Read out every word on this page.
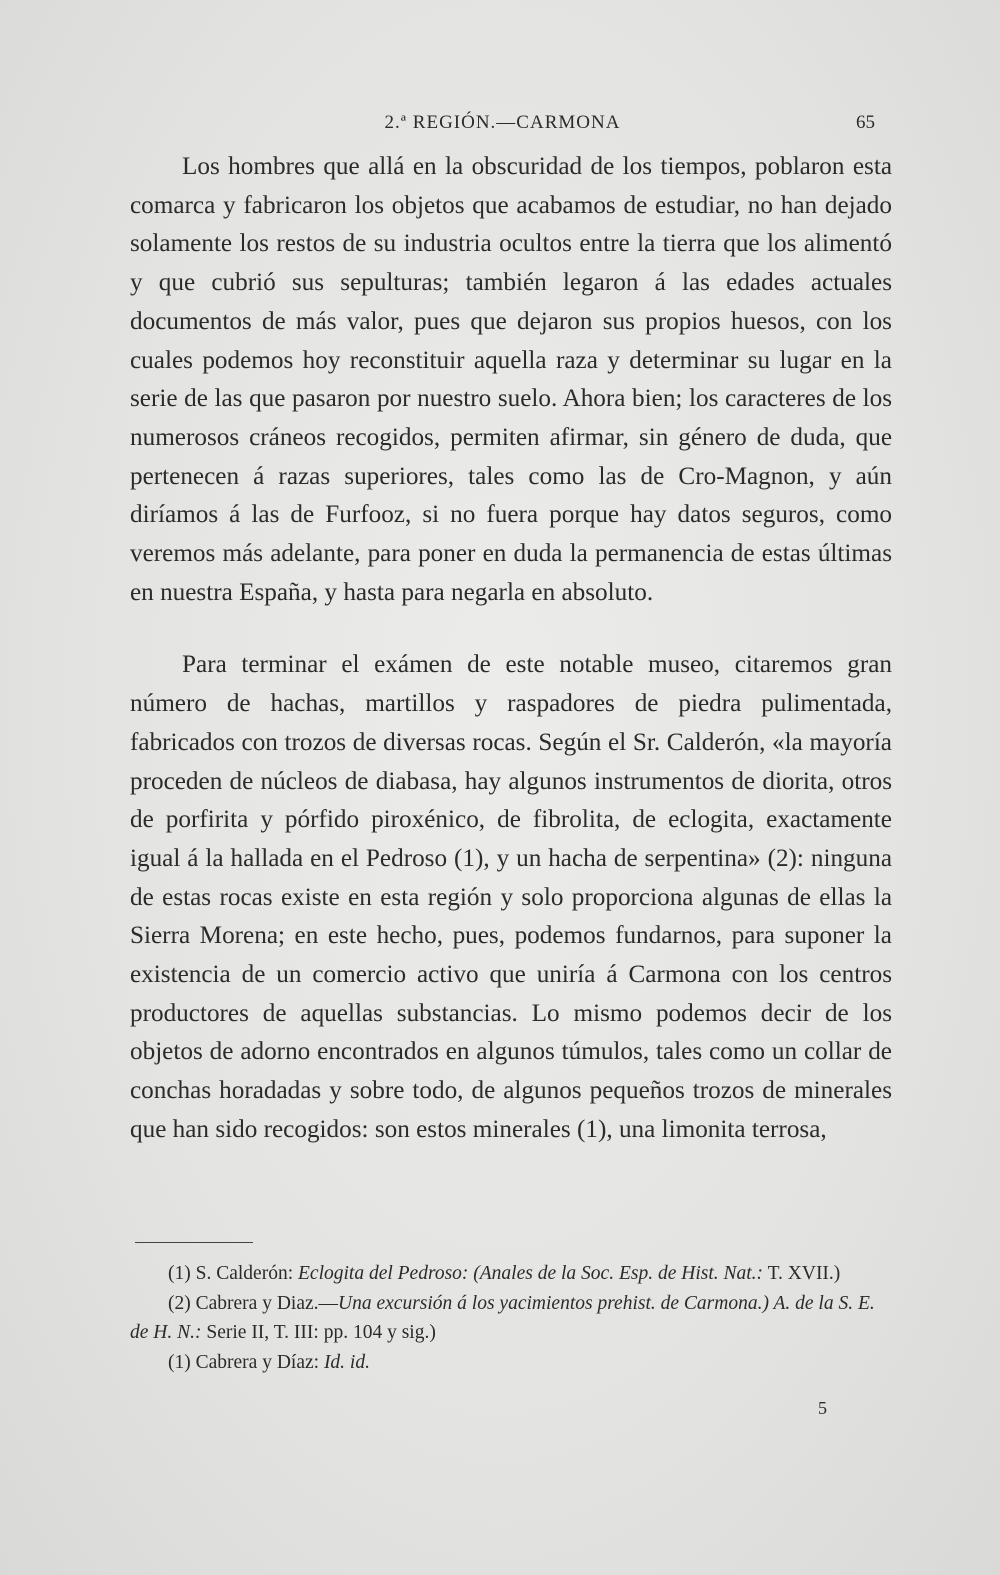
2.ª REGIÓN.—CARMONA	65

Los hombres que allá en la obscuridad de los tiempos, poblaron esta comarca y fabricaron los objetos que acabamos de estudiar, no han dejado solamente los restos de su industria ocultos entre la tierra que los alimentó y que cubrió sus sepulturas; también legaron á las edades actuales documentos de más valor, pues que dejaron sus propios huesos, con los cuales podemos hoy reconstituir aquella raza y determinar su lugar en la serie de las que pasaron por nuestro suelo. Ahora bien; los caracteres de los numerosos cráneos recogidos, permiten afirmar, sin género de duda, que pertenecen á razas superiores, tales como las de Cro-Magnon, y aún diríamos á las de Furfooz, si no fuera porque hay datos seguros, como veremos más adelante, para poner en duda la permanencia de estas últimas en nuestra España, y hasta para negarla en absoluto.

Para terminar el exámen de este notable museo, citaremos gran número de hachas, martillos y raspadores de piedra pulimentada, fabricados con trozos de diversas rocas. Según el Sr. Calderón, «la mayoría proceden de núcleos de diabasa, hay algunos instrumentos de diorita, otros de porfirita y pórfido piroxénico, de fibrolita, de eclogita, exactamente igual á la hallada en el Pedroso (1), y un hacha de serpentina» (2): ninguna de estas rocas existe en esta región y solo proporciona algunas de ellas la Sierra Morena; en este hecho, pues, podemos fundarnos, para suponer la existencia de un comercio activo que uniría á Carmona con los centros productores de aquellas substancias. Lo mismo podemos decir de los objetos de adorno encontrados en algunos túmulos, tales como un collar de conchas horadadas y sobre todo, de algunos pequeños trozos de minerales que han sido recogidos: son estos minerales (1), una limonita terrosa,

(1) S. Calderón: Eclogita del Pedroso: (Anales de la Soc. Esp. de Hist. Nat.: T. XVII.)

(2) Cabrera y Diaz.—Una excursión á los yacimientos prehist. de Carmona.) A. de la S. E. de H. N.: Serie II, T. III: pp. 104 y sig.)

(1) Cabrera y Díaz: Id. id.

5
